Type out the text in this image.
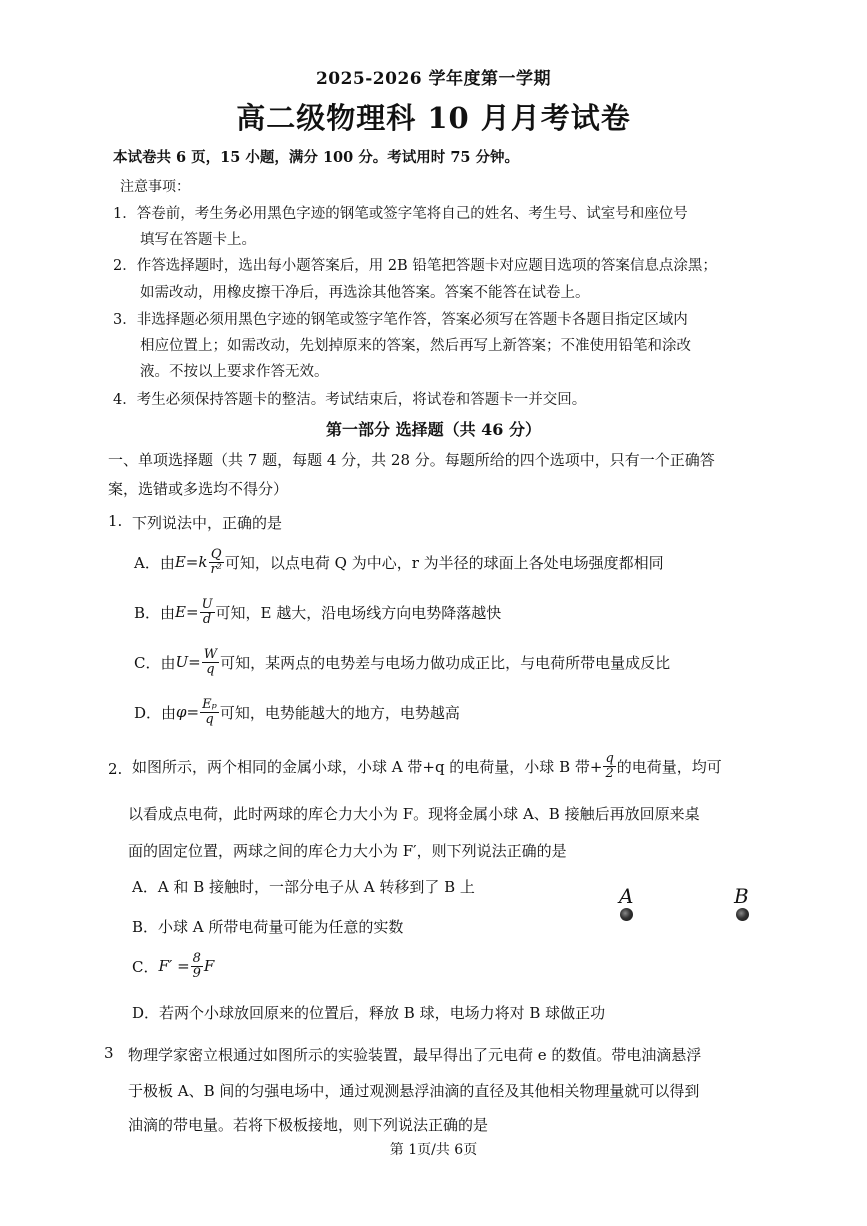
2025-2026 学年度第一学期
高二级物理科 10 月月考试卷
本试卷共 6 页，15 小题，满分 100 分。考试用时 75 分钟。
注意事项：
1．答卷前，考生务必用黑色字迹的钢笔或签字笔将自己的姓名、考生号、试室号和座位号
填写在答题卡上。
2．作答选择题时，选出每小题答案后，用 2B 铅笔把答题卡对应题目选项的答案信息点涂黑；
如需改动，用橡皮擦干净后，再选涂其他答案。答案不能答在试卷上。
3．非选择题必须用黑色字迹的钢笔或签字笔作答，答案必须写在答题卡各题目指定区域内
相应位置上；如需改动，先划掉原来的答案，然后再写上新答案；不准使用铅笔和涂改
液。不按以上要求作答无效。
4．考生必须保持答题卡的整洁。考试结束后，将试卷和答题卡一并交回。
第一部分 选择题（共 46 分）
一、单项选择题（共 7 题，每题 4 分，共 28 分。每题所给的四个选项中，只有一个正确答
案，选错或多选均不得分）
1. 下列说法中，正确的是
A．由 E = k $\frac{Q}{\text{r²}}$ 可知，以点电荷 Q 为中心，r 为半径的球面上各处电场强度都相同
B．由 $E = \frac{U}{d}$ 可知，E 越大，沿电场线方向电势降落越快
C．由 $U = \frac{W}{q}$ 可知，某两点的电势差与电场力做功成正比，与电荷所带电量成反比
D．由 $\varphi = \frac{\text{Eₚ}}{q}$ 可知，电势能越大的地方，电势越高
2. 如图所示，两个相同的金属小球，小球 A 带+q 的电荷量，小球 B 带+ $\frac{q}{2}$ 的电荷量，均可
以看成点电荷，此时两球的库仑力大小为 F。现将金属小球 A、B 接触后再放回原来桌
面的固定位置，两球之间的库仑力大小为 F′，则下列说法正确的是
A．A 和 B 接触时，一部分电子从 A 转移到了 B 上
B．小球 A 所带电荷量可能为任意的实数
C． $F' = \frac{8}{9}$ F
D．若两个小球放回原来的位置后，释放 B 球，电场力将对 B 球做正功
A	B
3 物理学家密立根通过如图所示的实验装置，最早得出了元电荷 e 的数值。带电油滴悬浮
于极板 A、B 间的匀强电场中，通过观测悬浮油滴的直径及其他相关物理量就可以得到
油滴的带电量。若将下极板接地，则下列说法正确的是
第 1页/共 6页
